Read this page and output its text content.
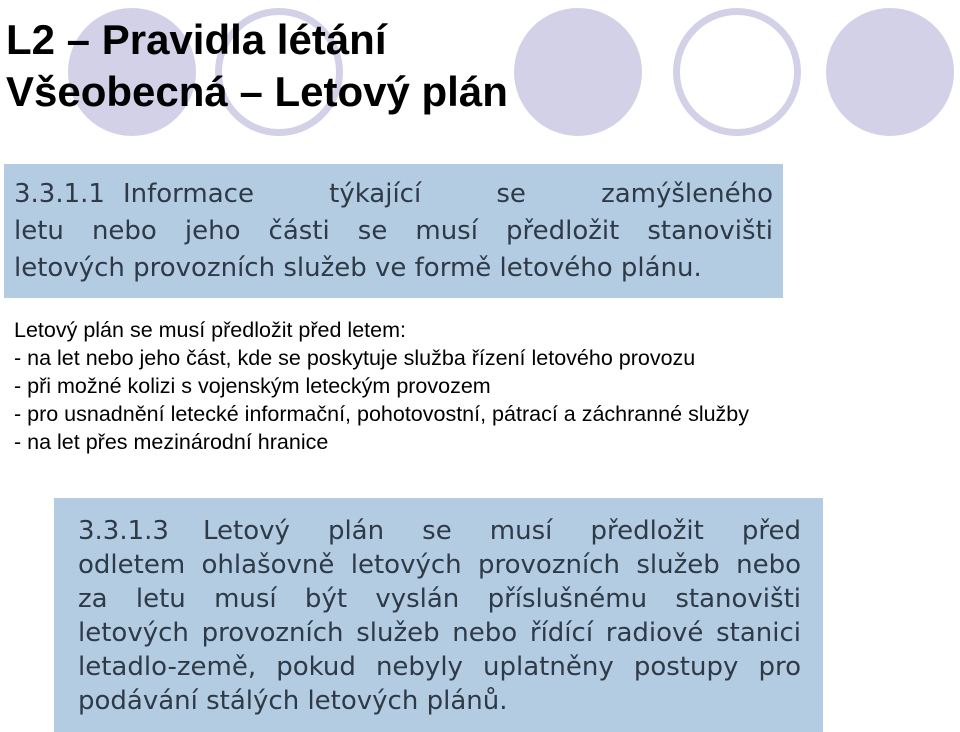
L2 – Pravidla létání
Všeobecná – Letový plán

3.3.1.1 Informace týkající se zamýšleného

letu nebo jeho části se musí předložit stanovišti

letových provozních služeb ve formě letového plánu.

Letový plán se musí předložit před letem:
- na let nebo jeho část, kde se poskytuje služba řízení letového provozu
- při možné kolizi s vojenským leteckým provozem
- pro usnadnění letecké informační, pohotovostní, pátrací a záchranné služby
- na let přes mezinárodní hranice

3.3.1.3 Letový plán se musí předložit před

odletem ohlašovně letových provozních služeb nebo

za letu musí být vyslán příslušnému stanovišti

letových provozních služeb nebo řídící radiové stanici

letadlo-země, pokud nebyly uplatněny postupy pro

podávání stálých letových plánů.
